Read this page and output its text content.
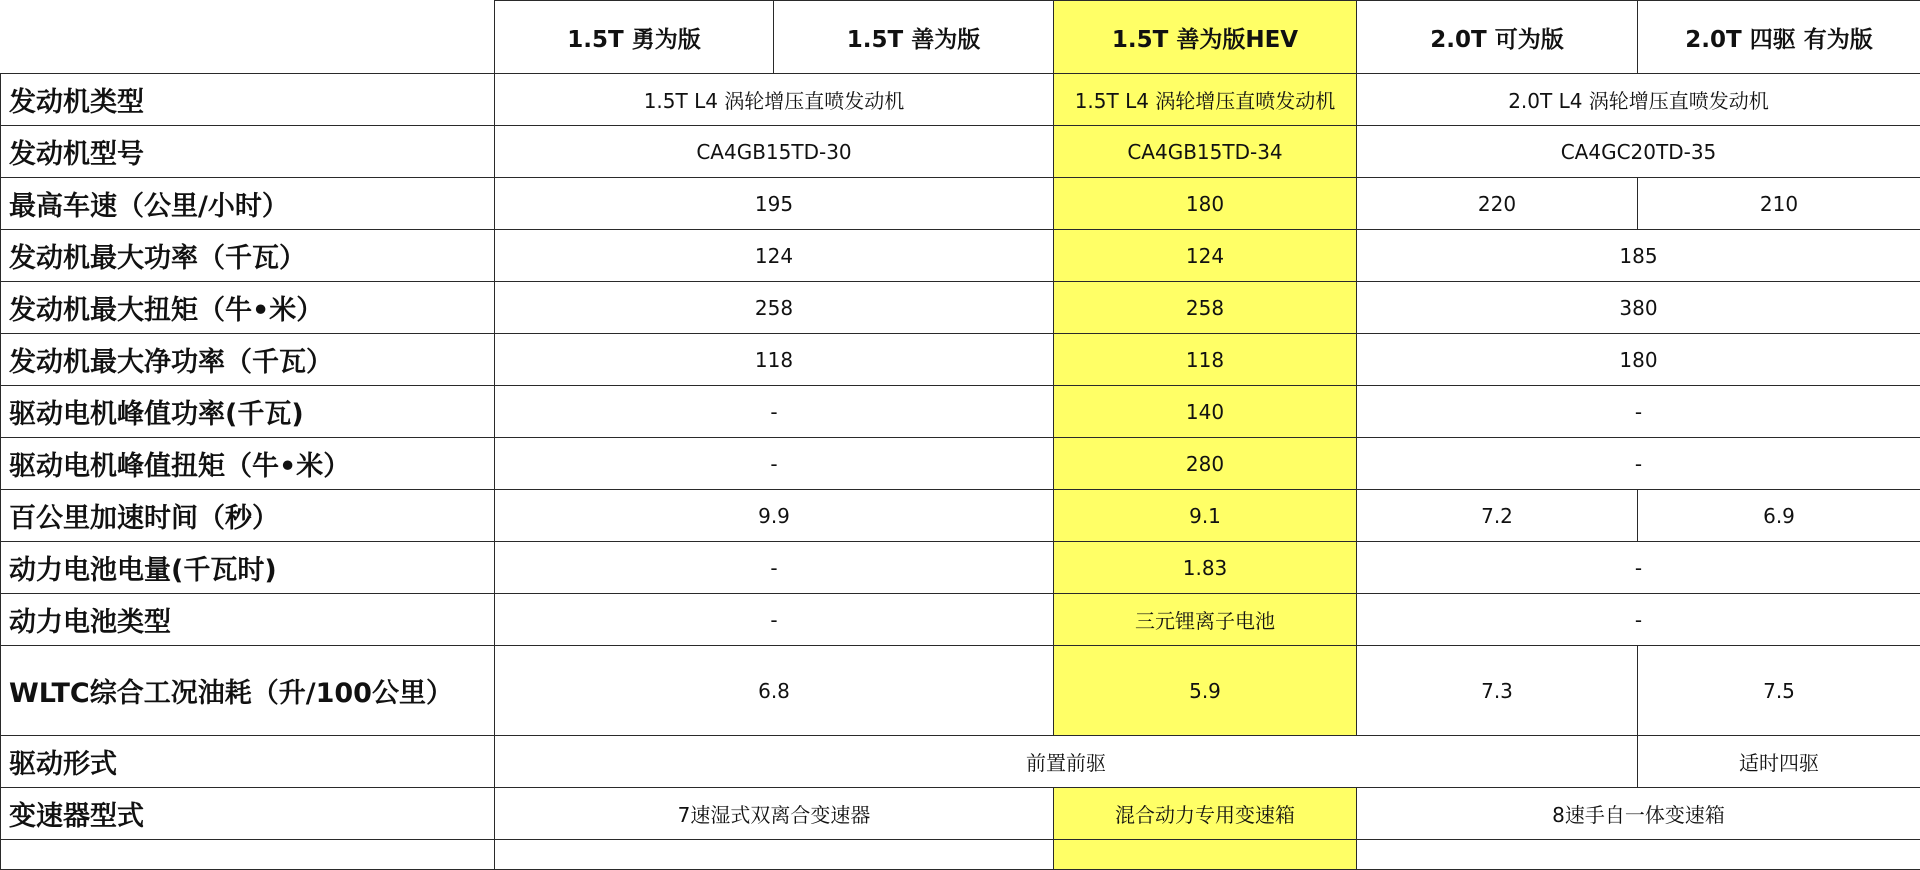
	1.5T 勇为版	1.5T 善为版	1.5T 善为版HEV	2.0T 可为版	2.0T 四驱 有为版
发动机类型	1.5T L4 涡轮增压直喷发动机		1.5T L4 涡轮增压直喷发动机	2.0T L4 涡轮增压直喷发动机	
发动机型号	CA4GB15TD-30		CA4GB15TD-34	CA4GC20TD-35	
最高车速（公里/小时）	195		180	220	210
发动机最大功率（千瓦）	124		124	185	
发动机最大扭矩（牛•米）	258		258	380	
发动机最大净功率（千瓦）	118		118	180	
驱动电机峰值功率(千瓦)	-		140	-	
驱动电机峰值扭矩（牛•米）	-		280	-	
百公里加速时间（秒）	9.9		9.1	7.2	6.9
动力电池电量(千瓦时)	-		1.83	-	
动力电池类型	-		三元锂离子电池	-	
WLTC综合工况油耗（升/100公里）	6.8		5.9	7.3	7.5
驱动形式	前置前驱				适时四驱
变速器型式	7速湿式双离合变速器		混合动力专用变速箱	8速手自一体变速箱	
